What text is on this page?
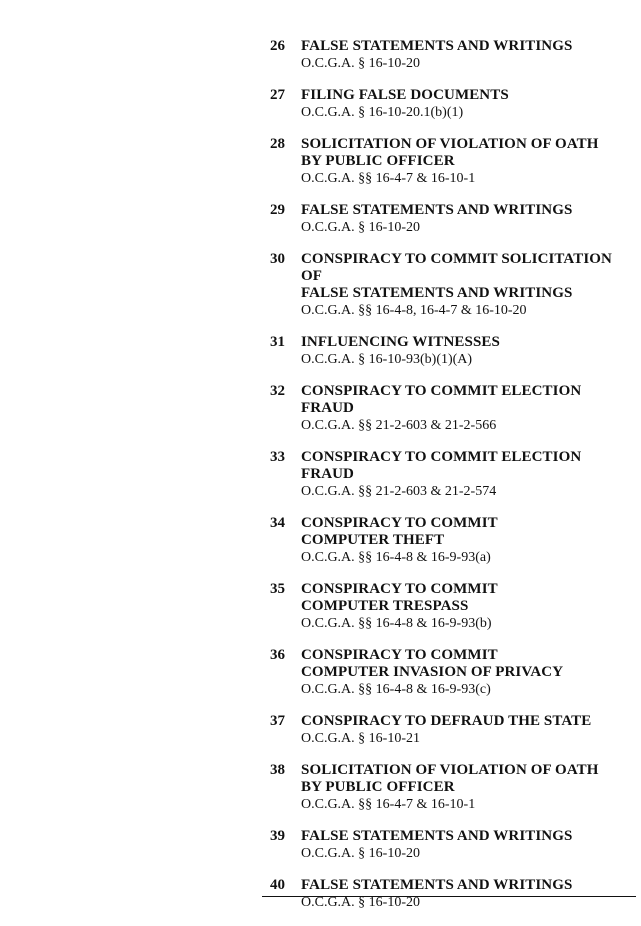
26	FALSE STATEMENTS AND WRITINGS
O.C.G.A. § 16-10-20
27	FILING FALSE DOCUMENTS
O.C.G.A. § 16-10-20.1(b)(1)
28	SOLICITATION OF VIOLATION OF OATH
BY PUBLIC OFFICER
O.C.G.A. §§ 16-4-7 & 16-10-1
29	FALSE STATEMENTS AND WRITINGS
O.C.G.A. § 16-10-20
30	CONSPIRACY TO COMMIT SOLICITATION OF
FALSE STATEMENTS AND WRITINGS
O.C.G.A. §§ 16-4-8, 16-4-7 & 16-10-20
31	INFLUENCING WITNESSES
O.C.G.A. § 16-10-93(b)(1)(A)
32	CONSPIRACY TO COMMIT ELECTION FRAUD
O.C.G.A. §§ 21-2-603 & 21-2-566
33	CONSPIRACY TO COMMIT ELECTION FRAUD
O.C.G.A. §§ 21-2-603 & 21-2-574
34	CONSPIRACY TO COMMIT
COMPUTER THEFT
O.C.G.A. §§ 16-4-8 & 16-9-93(a)
35	CONSPIRACY TO COMMIT
COMPUTER TRESPASS
O.C.G.A. §§ 16-4-8 & 16-9-93(b)
36	CONSPIRACY TO COMMIT
COMPUTER INVASION OF PRIVACY
O.C.G.A. §§ 16-4-8 & 16-9-93(c)
37	CONSPIRACY TO DEFRAUD THE STATE
O.C.G.A. § 16-10-21
38	SOLICITATION OF VIOLATION OF OATH
BY PUBLIC OFFICER
O.C.G.A. §§ 16-4-7 & 16-10-1
39	FALSE STATEMENTS AND WRITINGS
O.C.G.A. § 16-10-20
40	FALSE STATEMENTS AND WRITINGS
O.C.G.A. § 16-10-20
